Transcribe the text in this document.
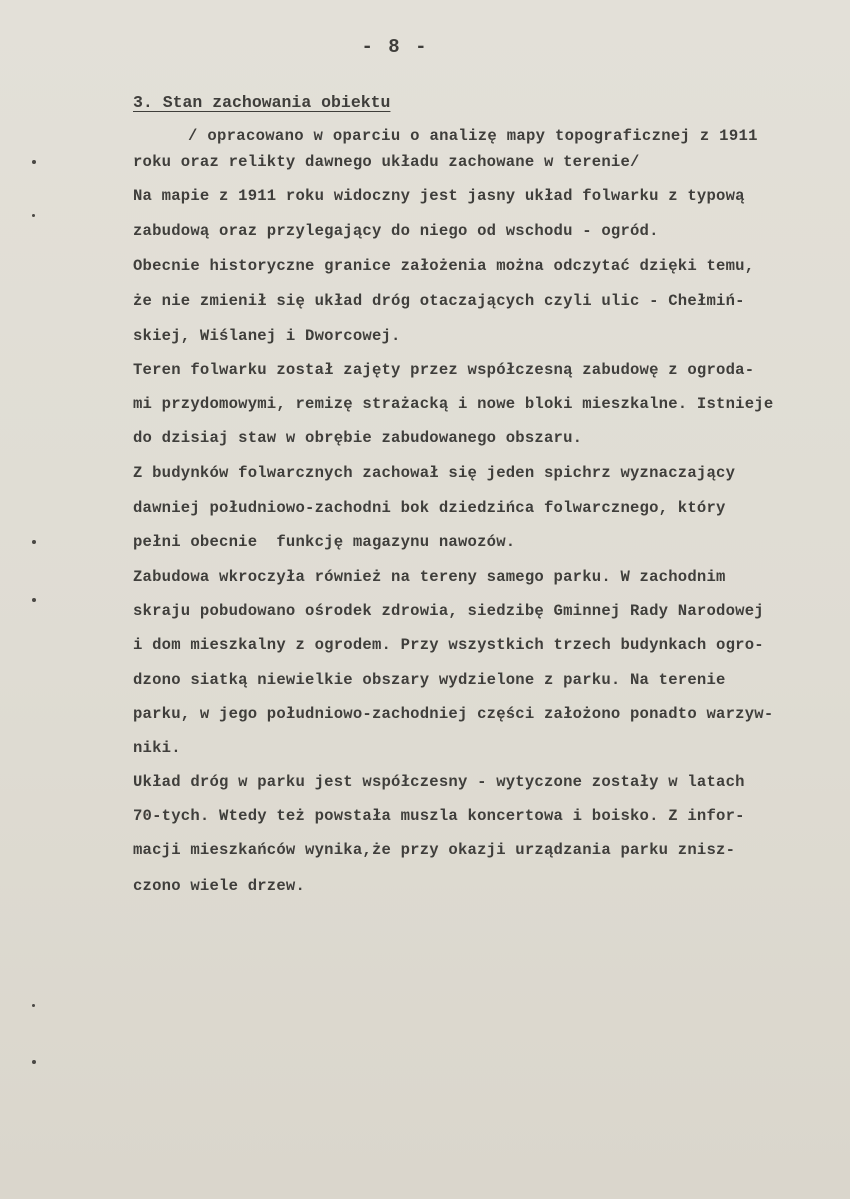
- 8 -
3. Stan zachowania obiektu
/ opracowano w oparciu o analizę mapy topograficznej z 1911
roku oraz relikty dawnego układu zachowane w terenie/
Na mapie z 1911 roku widoczny jest jasny układ folwarku z typową
zabudową oraz przylegający do niego od wschodu - ogród.
Obecnie historyczne granice założenia można odczytać dzięki temu,
że nie zmienił się układ dróg otaczających czyli ulic - Chełmiń-
skiej, Wiślanej i Dworcowej.
Teren folwarku został zajęty przez współczesną zabudowę z ogroda-
mi przydomowymi, remizę strażacką i nowe bloki mieszkalne. Istnieje
do dzisiaj staw w obrębie zabudowanego obszaru.
Z budynków folwarcznych zachował się jeden spichrz wyznaczający
dawniej południowo-zachodni bok dziedzińca folwarcznego, który
pełni obecnie  funkcję magazynu nawozów.
Zabudowa wkroczyła również na tereny samego parku. W zachodnim
skraju pobudowano ośrodek zdrowia, siedzibę Gminnej Rady Narodowej
i dom mieszkalny z ogrodem. Przy wszystkich trzech budynkach ogro-
dzono siatką niewielkie obszary wydzielone z parku. Na terenie
parku, w jego południowo-zachodniej części założono ponadto warzyw-
niki.
Układ dróg w parku jest współczesny - wytyczone zostały w latach
70-tych. Wtedy też powstała muszla koncertowa i boisko. Z infor-
macji mieszkańców wynika,że przy okazji urządzania parku znisz-
czono wiele drzew.
